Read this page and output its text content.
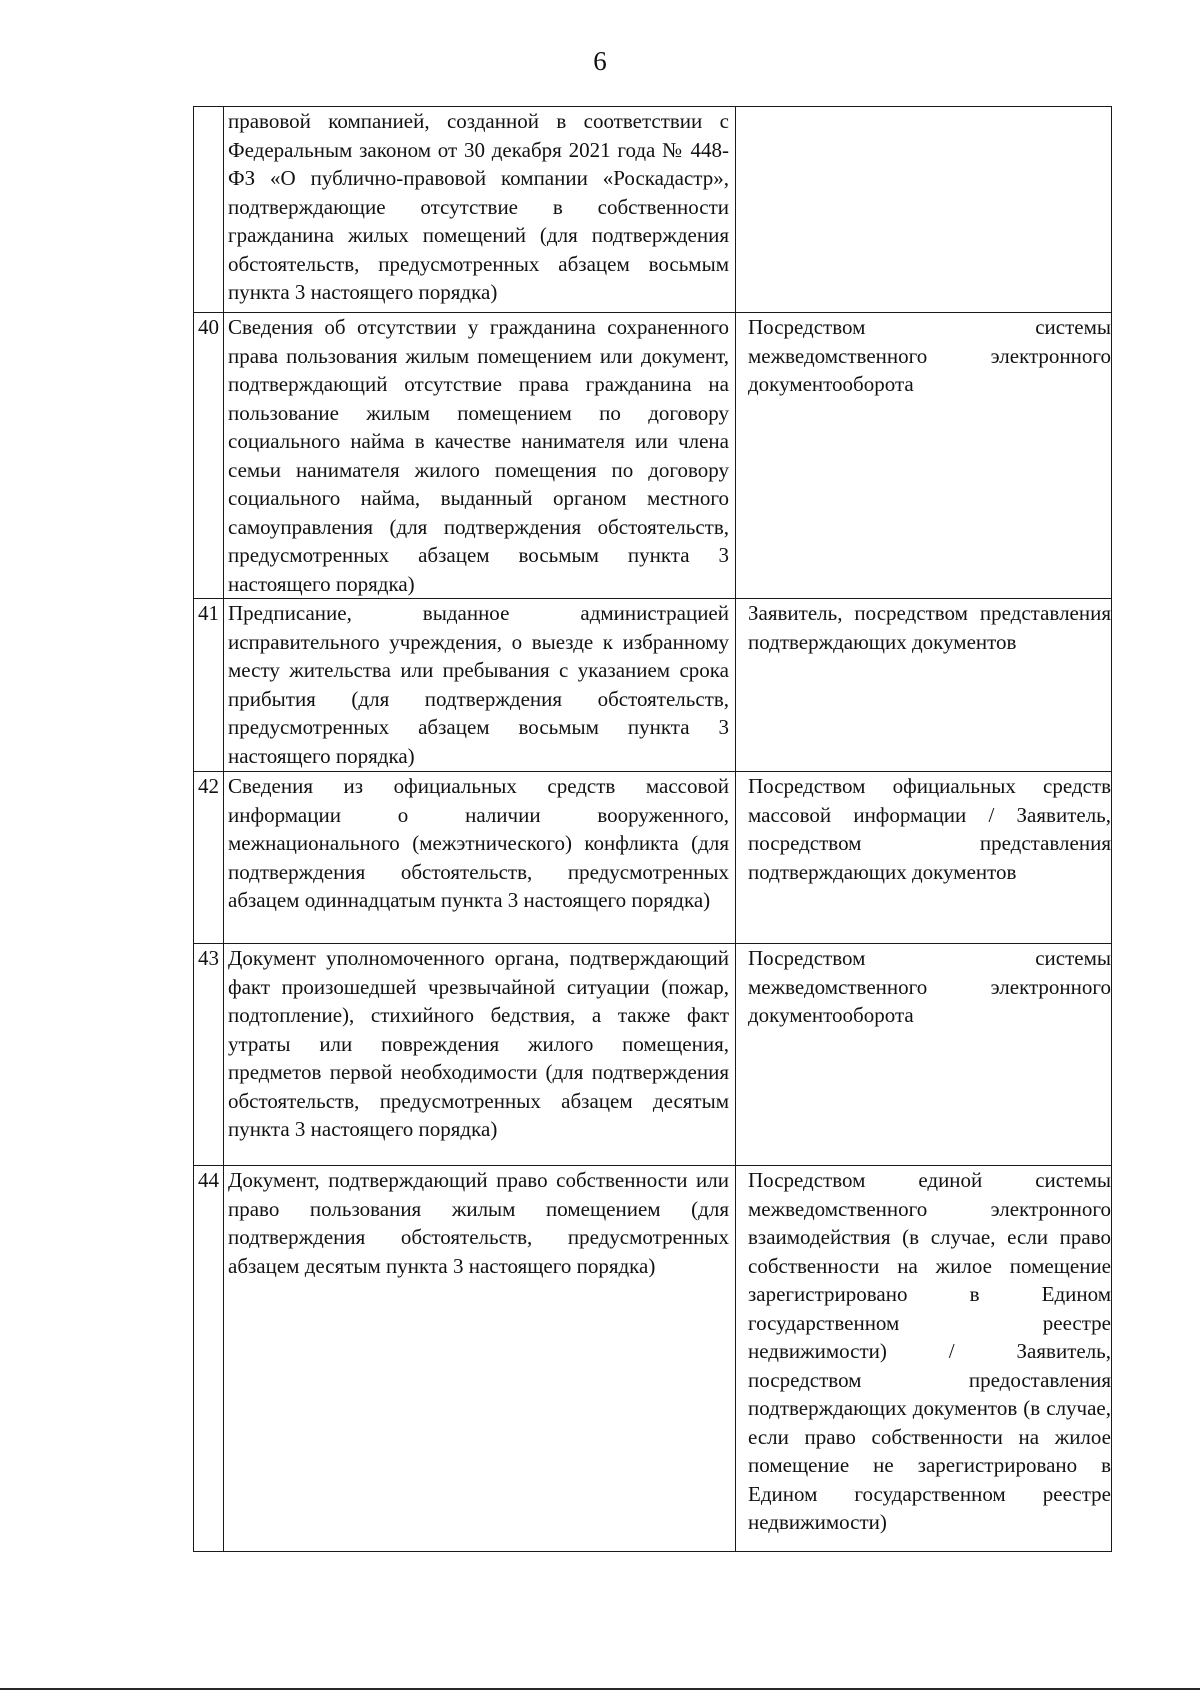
6
	правовой компанией, созданной в соответствии с Федеральным законом от 30 декабря 2021 года № 448-ФЗ «О публично-правовой компании «Роскадастр», подтверждающие отсутствие в собственности гражданина жилых помещений (для подтверждения обстоятельств, предусмотренных абзацем восьмым пункта 3 настоящего порядка)	
40	Сведения об отсутствии у гражданина сохраненного права пользования жилым помещением или документ, подтверждающий отсутствие права гражданина на пользование жилым помещением по договору социального найма в качестве нанимателя или члена семьи нанимателя жилого помещения по договору социального найма, выданный органом местного самоуправления (для подтверждения обстоятельств, предусмотренных абзацем восьмым пункта 3 настоящего порядка)	Посредством системы межведомственного электронного документооборота
41	Предписание, выданное администрацией исправительного учреждения, о выезде к избранному месту жительства или пребывания с указанием срока прибытия (для подтверждения обстоятельств, предусмотренных абзацем восьмым пункта 3 настоящего порядка)	Заявитель, посредством представления подтверждающих документов
42	Сведения из официальных средств массовой информации о наличии вооруженного, межнационального (межэтнического) конфликта (для подтверждения обстоятельств, предусмотренных абзацем одиннадцатым пункта 3 настоящего порядка)	Посредством официальных средств массовой информации / Заявитель, посредством представления подтверждающих документов
43	Документ уполномоченного органа, подтверждающий факт произошедшей чрезвычайной ситуации (пожар, подтопление), стихийного бедствия, а также факт утраты или повреждения жилого помещения, предметов первой необходимости (для подтверждения обстоятельств, предусмотренных абзацем десятым пункта 3 настоящего порядка)	Посредством системы межведомственного электронного документооборота
44	Документ, подтверждающий право собственности или право пользования жилым помещением (для подтверждения обстоятельств, предусмотренных абзацем десятым пункта 3 настоящего порядка)	Посредством единой системы межведомственного электронного взаимодействия (в случае, если право собственности на жилое помещение зарегистрировано в Едином государственном реестре недвижимости) / Заявитель, посредством предоставления подтверждающих документов (в случае, если право собственности на жилое помещение не зарегистрировано в Едином государственном реестре недвижимости)
